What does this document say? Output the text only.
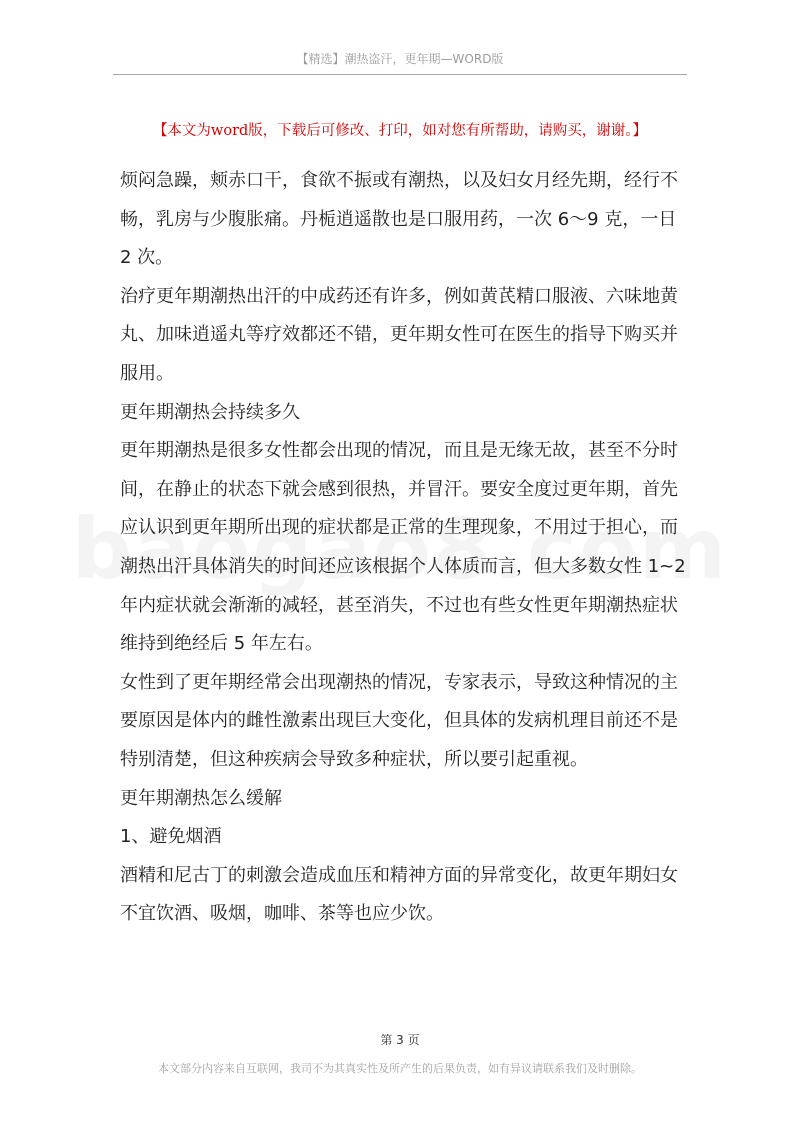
【精选】潮热盗汗，更年期—WORD版
【本文为word版，下载后可修改、打印，如对您有所帮助，请购买，谢谢。】

烦闷急躁，颊赤口干，食欲不振或有潮热，以及妇女月经先期，经行不畅，乳房与少腹胀痛。丹栀逍遥散也是口服用药，一次 6～9 克，一日 2 次。

治疗更年期潮热出汗的中成药还有许多，例如黄芪精口服液、六味地黄丸、加味逍遥丸等疗效都还不错，更年期女性可在医生的指导下购买并服用。

更年期潮热会持续多久

更年期潮热是很多女性都会出现的情况，而且是无缘无故，甚至不分时间，在静止的状态下就会感到很热，并冒汗。要安全度过更年期，首先应认识到更年期所出现的症状都是正常的生理现象，不用过于担心，而潮热出汗具体消失的时间还应该根据个人体质而言，但大多数女性 1~2 年内症状就会渐渐的减轻，甚至消失，不过也有些女性更年期潮热症状维持到绝经后 5 年左右。

女性到了更年期经常会出现潮热的情况，专家表示，导致这种情况的主要原因是体内的雌性激素出现巨大变化，但具体的发病机理目前还不是特别清楚，但这种疾病会导致多种症状，所以要引起重视。

更年期潮热怎么缓解

1、避免烟酒

酒精和尼古丁的刺激会造成血压和精神方面的异常变化，故更年期妇女不宜饮酒、吸烟，咖啡、茶等也应少饮。

第 3 页
本文部分内容来自互联网，我司不为其真实性及所产生的后果负责，如有异议请联系我们及时删除。
